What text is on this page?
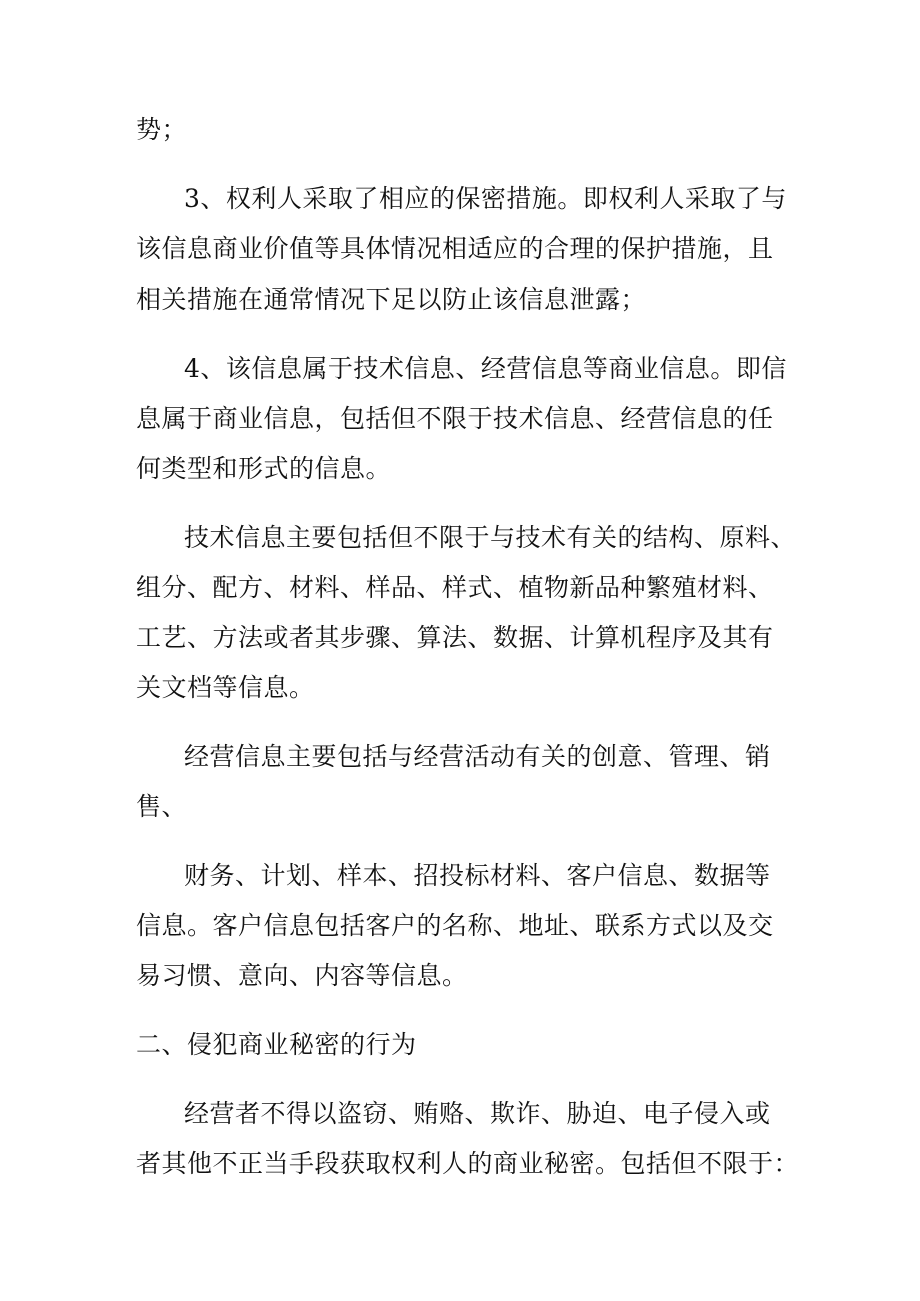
势；
3、权利人采取了相应的保密措施。即权利人采取了与
该信息商业价值等具体情况相适应的合理的保护措施，且
相关措施在通常情况下足以防止该信息泄露；
4、该信息属于技术信息、经营信息等商业信息。即信
息属于商业信息，包括但不限于技术信息、经营信息的任
何类型和形式的信息。
技术信息主要包括但不限于与技术有关的结构、原料、
组分、配方、材料、样品、样式、植物新品种繁殖材料、
工艺、方法或者其步骤、算法、数据、计算机程序及其有
关文档等信息。
经营信息主要包括与经营活动有关的创意、管理、销
售、
财务、计划、样本、招投标材料、客户信息、数据等
信息。客户信息包括客户的名称、地址、联系方式以及交
易习惯、意向、内容等信息。
二、侵犯商业秘密的行为
经营者不得以盗窃、贿赂、欺诈、胁迫、电子侵入或
者其他不正当手段获取权利人的商业秘密。包括但不限于：
